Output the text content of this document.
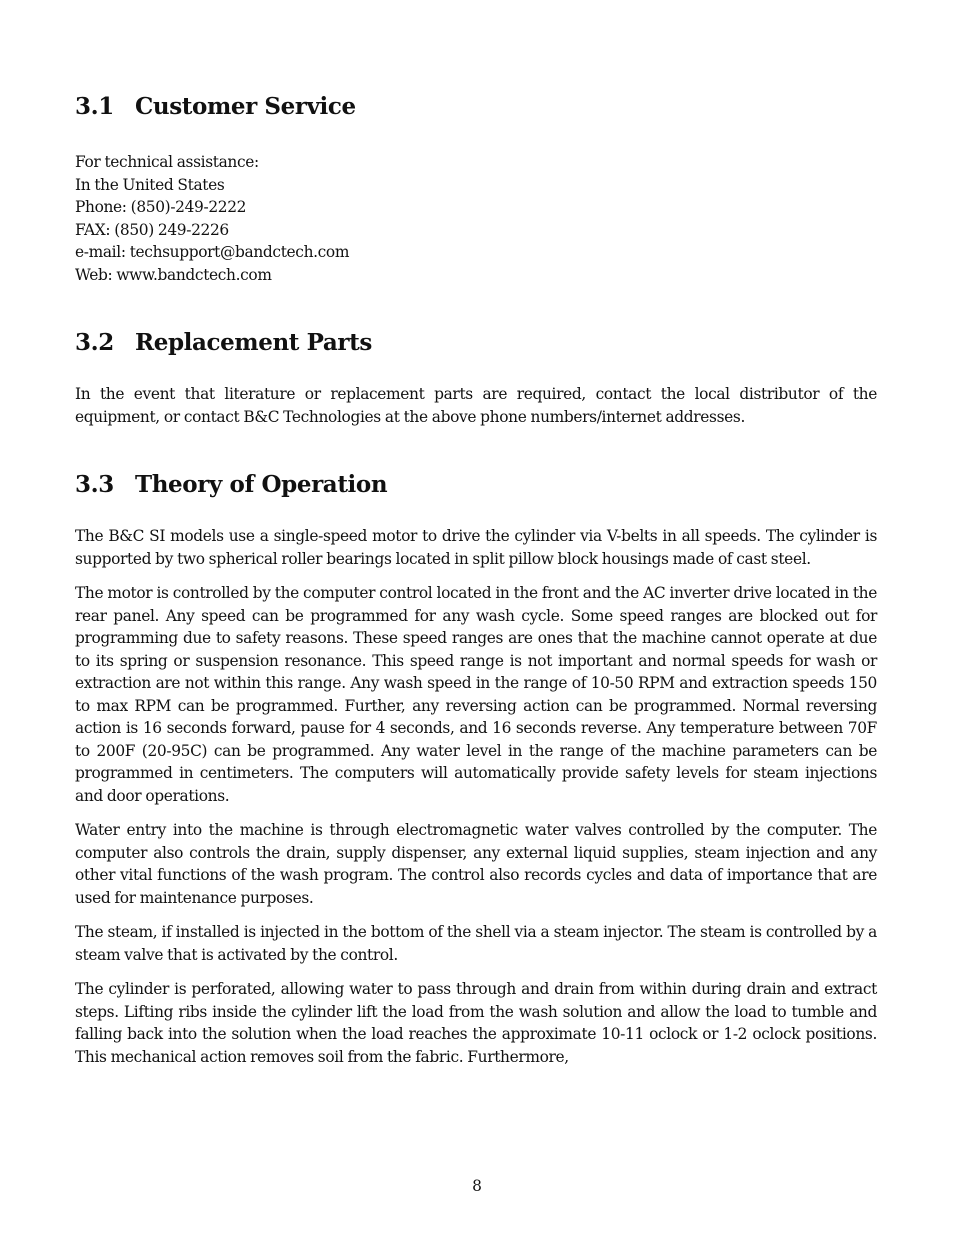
3.1 Customer Service
For technical assistance:
In the United States
Phone: (850)-249-2222
FAX: (850) 249-2226
e-mail: techsupport@bandctech.com
Web: www.bandctech.com
3.2 Replacement Parts

In the event that literature or replacement parts are required, contact the local distributor of the equipment, or contact B&C Technologies at the above phone numbers/internet addresses.

3.3 Theory of Operation

The B&C SI models use a single-speed motor to drive the cylinder via V-belts in all speeds. The cylinder is supported by two spherical roller bearings located in split pillow block housings made of cast steel.

The motor is controlled by the computer control located in the front and the AC inverter drive located in the rear panel. Any speed can be programmed for any wash cycle. Some speed ranges are blocked out for programming due to safety reasons. These speed ranges are ones that the machine cannot operate at due to its spring or suspension resonance. This speed range is not important and normal speeds for wash or extraction are not within this range. Any wash speed in the range of 10-50 RPM and extraction speeds 150 to max RPM can be programmed. Further, any reversing action can be programmed. Normal reversing action is 16 seconds forward, pause for 4 seconds, and 16 seconds reverse. Any temperature between 70F to 200F (20-95C) can be programmed. Any water level in the range of the machine parameters can be programmed in centimeters. The computers will automatically provide safety levels for steam injections and door operations.

Water entry into the machine is through electromagnetic water valves controlled by the computer. The computer also controls the drain, supply dispenser, any external liquid supplies, steam injection and any other vital functions of the wash program. The control also records cycles and data of importance that are used for maintenance purposes.

The steam, if installed is injected in the bottom of the shell via a steam injector. The steam is controlled by a steam valve that is activated by the control.

The cylinder is perforated, allowing water to pass through and drain from within during drain and extract steps. Lifting ribs inside the cylinder lift the load from the wash solution and allow the load to tumble and falling back into the solution when the load reaches the approximate 10-11 oclock or 1-2 oclock positions. This mechanical action removes soil from the fabric. Furthermore,

8
